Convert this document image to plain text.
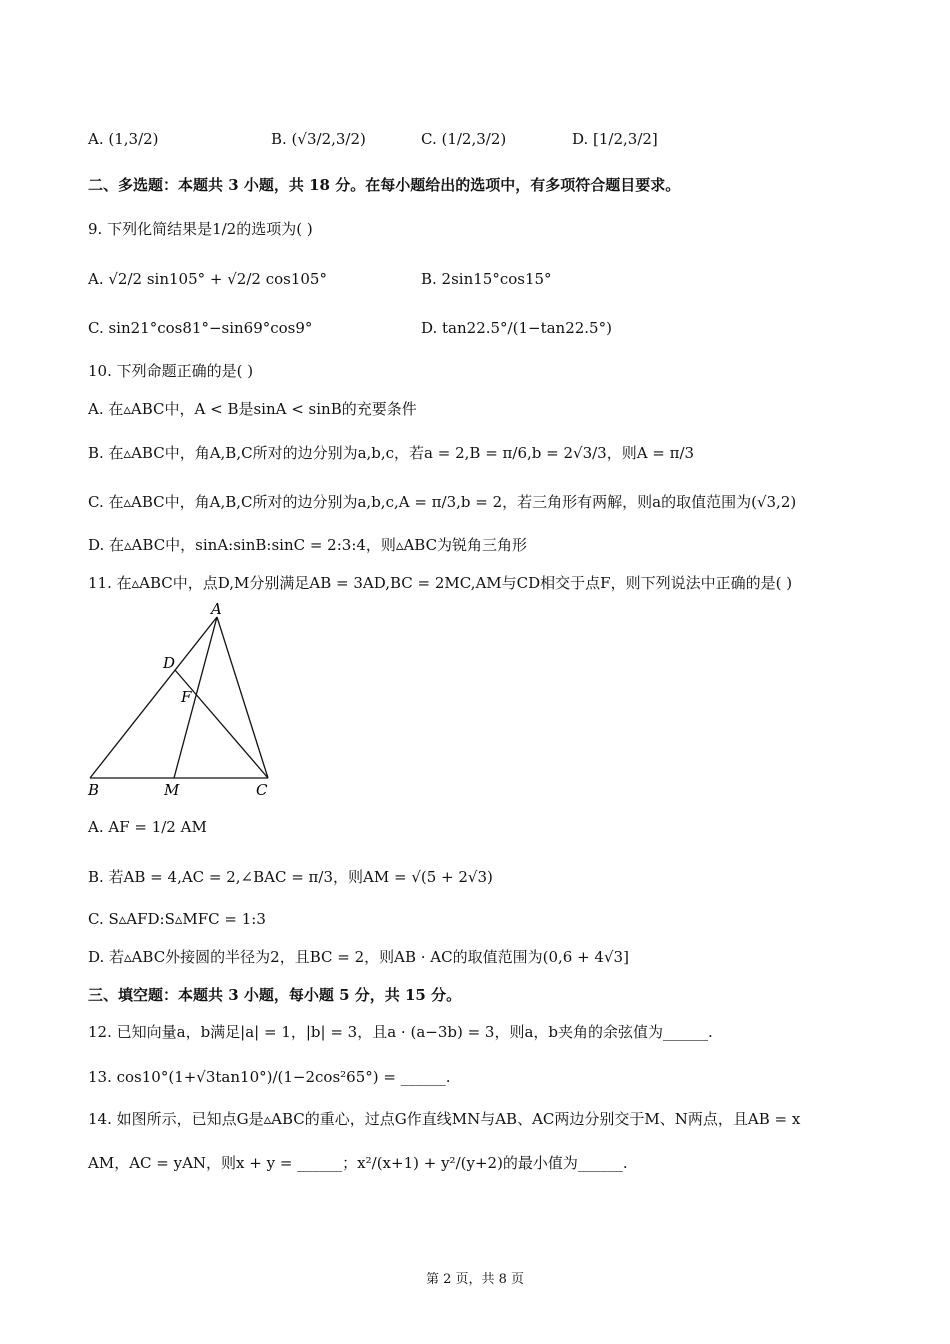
A. (1,3/2)	B. (√3/2,3/2)	C. (1/2,3/2)	D. [1/2,3/2]
二、多选题：本题共 3 小题，共 18 分。在每小题给出的选项中，有多项符合题目要求。
9. 下列化简结果是1/2的选项为( )
A. √2/2 sin105° + √2/2 cos105°	B. 2sin15°cos15°
C. sin21°cos81°−sin69°cos9°	D. tan22.5°/(1−tan22.5°)
10. 下列命题正确的是( )
A. 在▵ABC中，A < B是sinA < sinB的充要条件
B. 在▵ABC中，角A,B,C所对的边分别为a,b,c，若a = 2,B = π/6,b = 2√3/3，则A = π/3
C. 在▵ABC中，角A,B,C所对的边分别为a,b,c,A = π/3,b = 2，若三角形有两解，则a的取值范围为(√3,2)
D. 在▵ABC中，sinA:sinB:sinC = 2:3:4，则▵ABC为锐角三角形
11. 在▵ABC中，点D,M分别满足AB = 3AD,BC = 2MC,AM与CD相交于点F，则下列说法中正确的是( )
A
D
F
B	M	C
A. AF = 1/2 AM
B. 若AB = 4,AC = 2,∠BAC = π/3，则AM = √(5 + 2√3)
C. S▵AFD:S▵MFC = 1:3
D. 若▵ABC外接圆的半径为2，且BC = 2，则AB · AC的取值范围为(0,6 + 4√3]
三、填空题：本题共 3 小题，每小题 5 分，共 15 分。
12. 已知向量a，b满足|a| = 1，|b| = 3，且a · (a−3b) = 3，则a，b夹角的余弦值为______.
13. cos10°(1+√3tan10°)/(1−2cos²65°) = ______.
14. 如图所示，已知点G是▵ABC的重心，过点G作直线MN与AB、AC两边分别交于M、N两点，且AB = x
AM，AC = yAN，则x + y = ______；x²/(x+1) + y²/(y+2)的最小值为______.
第 2 页，共 8 页
